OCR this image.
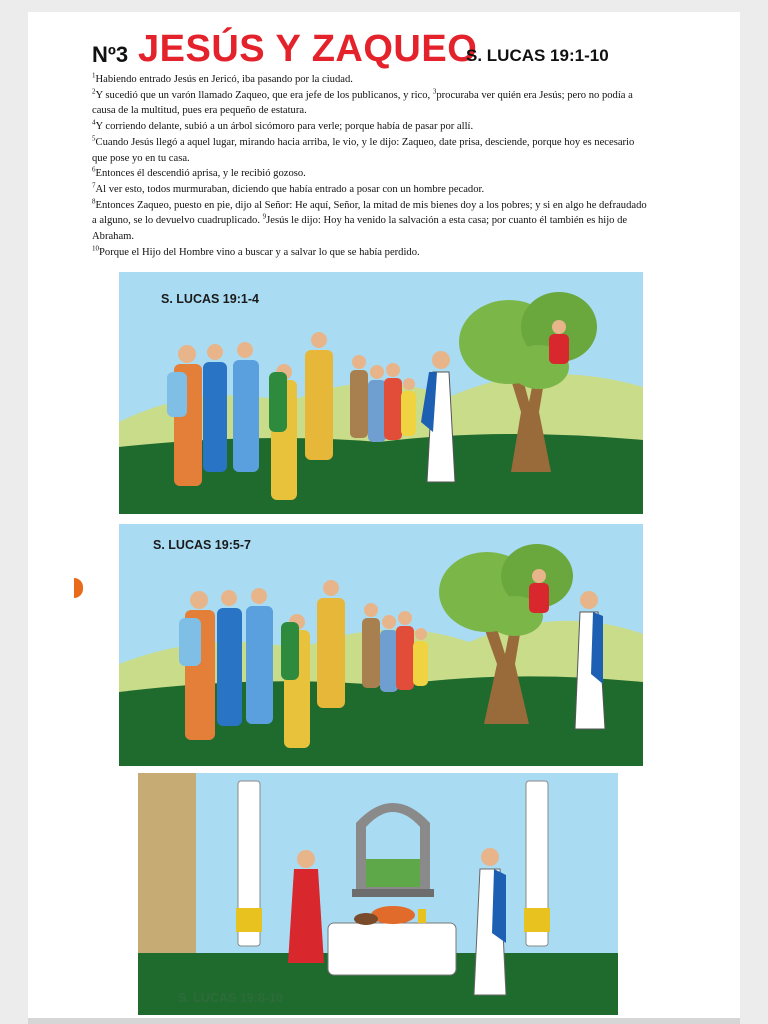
Nº3 JESÚS Y ZAQUEO
S. LUCAS 19:1-10
$^1$Habiendo entrado Jesús en Jericó, iba pasando por la ciudad.
$^2$Y sucedió que un varón llamado Zaqueo, que era jefe de los publicanos, y rico, $^3$procuraba ver quién era Jesús; pero no podía a causa de la multitud, pues era pequeño de estatura.
$^4$Y corriendo delante, subió a un árbol sicómoro para verle; porque había de pasar por allí.
$^5$Cuando Jesús llegó a aquel lugar, mirando hacia arriba, le vio, y le dijo: Zaqueo, date prisa, desciende, porque hoy es necesario que pose yo en tu casa.
$^6$Entonces él descendió aprisa, y le recibió gozoso.
$^7$Al ver esto, todos murmuraban, diciendo que había entrado a posar con un hombre pecador.
$^8$Entonces Zaqueo, puesto en pie, dijo al Señor: He aquí, Señor, la mitad de mis bienes doy a los pobres; y si en algo he defraudado a alguno, se lo devuelvo cuadruplicado. $^9$Jesús le dijo: Hoy ha venido la salvación a esta casa; por cuanto él también es hijo de Abraham.
$^{10}$Porque el Hijo del Hombre vino a buscar y a salvar lo que se había perdido.
S. LUCAS 19:1-4
S. LUCAS 19:5-7
S. LUCAS 19:8-10
